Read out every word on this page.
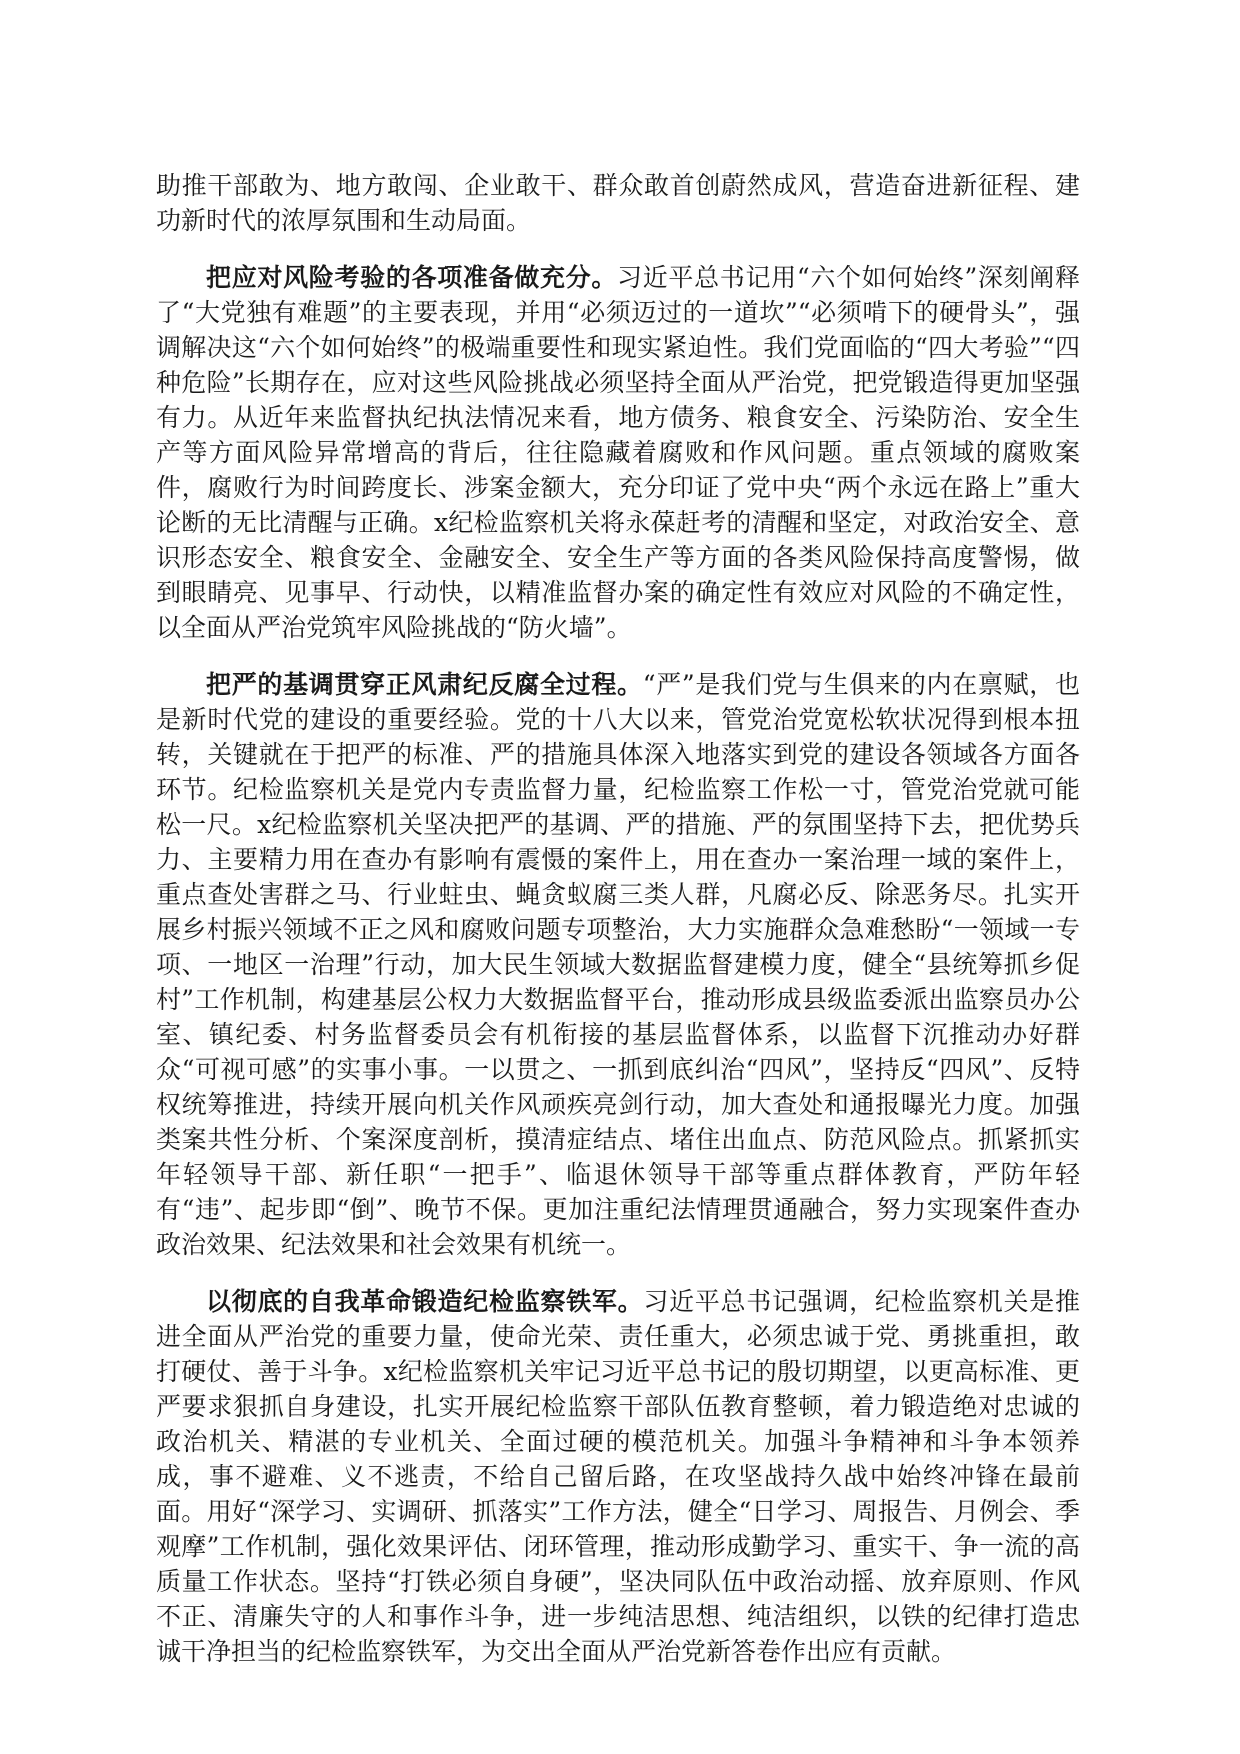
助推干部敢为、地方敢闯、企业敢干、群众敢首创蔚然成风，营造奋进新征程、建功新时代的浓厚氛围和生动局面。

把应对风险考验的各项准备做充分。习近平总书记用“六个如何始终”深刻阐释了“大党独有难题”的主要表现，并用“必须迈过的一道坎”“必须啃下的硬骨头”，强调解决这“六个如何始终”的极端重要性和现实紧迫性。我们党面临的“四大考验”“四种危险”长期存在，应对这些风险挑战必须坚持全面从严治党，把党锻造得更加坚强有力。从近年来监督执纪执法情况来看，地方债务、粮食安全、污染防治、安全生产等方面风险异常增高的背后，往往隐藏着腐败和作风问题。重点领域的腐败案件，腐败行为时间跨度长、涉案金额大，充分印证了党中央“两个永远在路上”重大论断的无比清醒与正确。x纪检监察机关将永葆赶考的清醒和坚定，对政治安全、意识形态安全、粮食安全、金融安全、安全生产等方面的各类风险保持高度警惕，做到眼睛亮、见事早、行动快，以精准监督办案的确定性有效应对风险的不确定性，以全面从严治党筑牢风险挑战的“防火墙”。

把严的基调贯穿正风肃纪反腐全过程。“严”是我们党与生俱来的内在禀赋，也是新时代党的建设的重要经验。党的十八大以来，管党治党宽松软状况得到根本扭转，关键就在于把严的标准、严的措施具体深入地落实到党的建设各领域各方面各环节。纪检监察机关是党内专责监督力量，纪检监察工作松一寸，管党治党就可能松一尺。x纪检监察机关坚决把严的基调、严的措施、严的氛围坚持下去，把优势兵力、主要精力用在查办有影响有震慑的案件上，用在查办一案治理一域的案件上，重点查处害群之马、行业蛀虫、蝇贪蚁腐三类人群，凡腐必反、除恶务尽。扎实开展乡村振兴领域不正之风和腐败问题专项整治，大力实施群众急难愁盼“一领域一专项、一地区一治理”行动，加大民生领域大数据监督建模力度，健全“县统筹抓乡促村”工作机制，构建基层公权力大数据监督平台，推动形成县级监委派出监察员办公室、镇纪委、村务监督委员会有机衔接的基层监督体系，以监督下沉推动办好群众“可视可感”的实事小事。一以贯之、一抓到底纠治“四风”，坚持反“四风”、反特权统筹推进，持续开展向机关作风顽疾亮剑行动，加大查处和通报曝光力度。加强类案共性分析、个案深度剖析，摸清症结点、堵住出血点、防范风险点。抓紧抓实年轻领导干部、新任职“一把手”、临退休领导干部等重点群体教育，严防年轻有“违”、起步即“倒”、晚节不保。更加注重纪法情理贯通融合，努力实现案件查办政治效果、纪法效果和社会效果有机统一。

以彻底的自我革命锻造纪检监察铁军。习近平总书记强调，纪检监察机关是推进全面从严治党的重要力量，使命光荣、责任重大，必须忠诚于党、勇挑重担，敢打硬仗、善于斗争。x纪检监察机关牢记习近平总书记的殷切期望，以更高标准、更严要求狠抓自身建设，扎实开展纪检监察干部队伍教育整顿，着力锻造绝对忠诚的政治机关、精湛的专业机关、全面过硬的模范机关。加强斗争精神和斗争本领养成，事不避难、义不逃责，不给自己留后路，在攻坚战持久战中始终冲锋在最前面。用好“深学习、实调研、抓落实”工作方法，健全“日学习、周报告、月例会、季观摩”工作机制，强化效果评估、闭环管理，推动形成勤学习、重实干、争一流的高质量工作状态。坚持“打铁必须自身硬”，坚决同队伍中政治动摇、放弃原则、作风不正、清廉失守的人和事作斗争，进一步纯洁思想、纯洁组织，以铁的纪律打造忠诚干净担当的纪检监察铁军，为交出全面从严治党新答卷作出应有贡献。
